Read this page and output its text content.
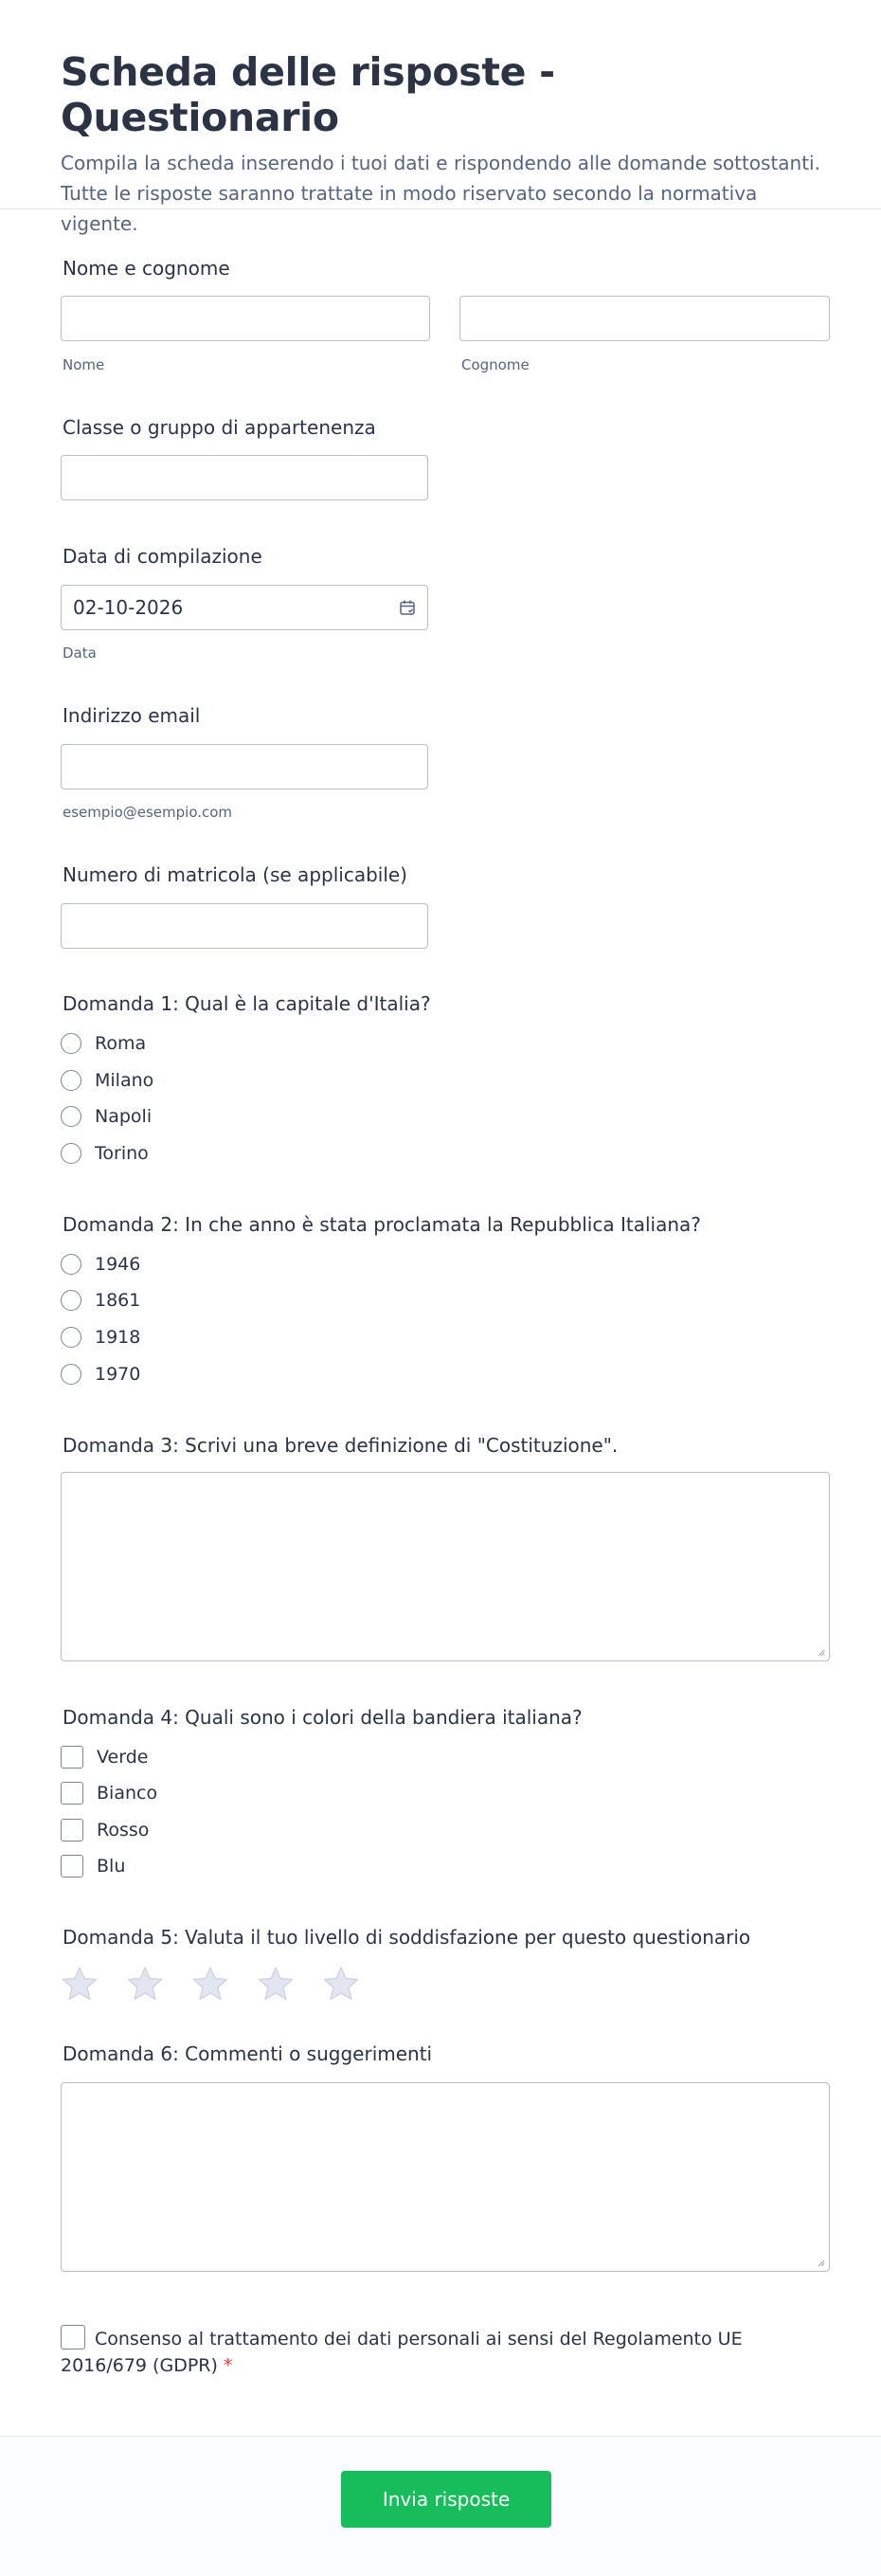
Scheda delle risposte - Questionario
Compila la scheda inserendo i tuoi dati e rispondendo alle domande sottostanti.
Tutte le risposte saranno trattate in modo riservato secondo la normativa vigente.
Nome e cognome
Nome	Cognome
Classe o gruppo di appartenenza
Data di compilazione
02-10-2026
Data
Indirizzo email
esempio@esempio.com
Numero di matricola (se applicabile)
Domanda 1: Qual è la capitale d'Italia?
Roma
Milano
Napoli
Torino
Domanda 2: In che anno è stata proclamata la Repubblica Italiana?
1946
1861
1918
1970
Domanda 3: Scrivi una breve definizione di "Costituzione".
Domanda 4: Quali sono i colori della bandiera italiana?
Verde
Bianco
Rosso
Blu
Domanda 5: Valuta il tuo livello di soddisfazione per questo questionario
Domanda 6: Commenti o suggerimenti
Consenso al trattamento dei dati personali ai sensi del Regolamento UE 2016/679 (GDPR) *
Invia risposte
